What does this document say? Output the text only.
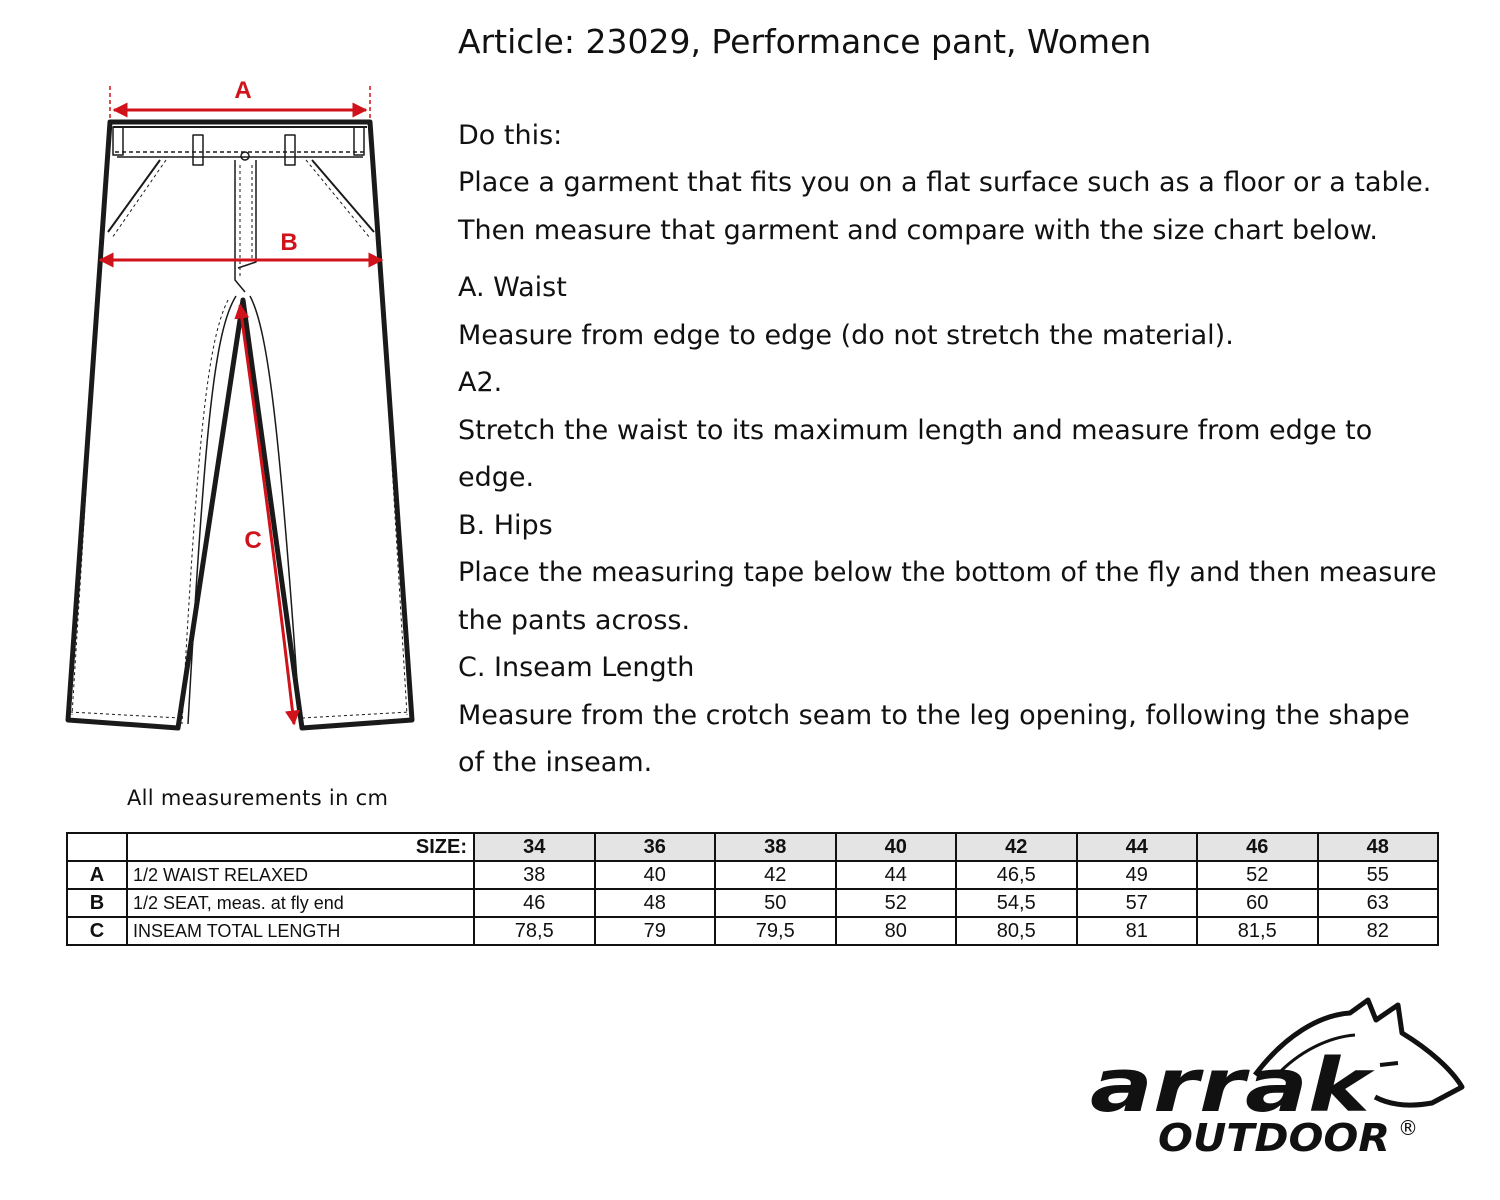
A
B
C
All measurements in cm
Article: 23029, Performance pant, Women

Do this:

Place a garment that fits you on a flat surface such as a floor or a table.

Then measure that garment and compare with the size chart below.

A. Waist

Measure from edge to edge (do not stretch the material).

A2.

Stretch the waist to its maximum length and measure from edge to

edge.

B. Hips

Place the measuring tape below the bottom of the fly and then measure

the pants across.

C. Inseam Length

Measure from the crotch seam to the leg opening, following the shape

of the inseam.

	SIZE:	34	36	38	40	42	44	46	48
A	1/2 WAIST RELAXED	38	40	42	44	46,5	49	52	55
B	1/2 SEAT, meas. at fly end	46	48	50	52	54,5	57	60	63
C	INSEAM TOTAL LENGTH	78,5	79	79,5	80	80,5	81	81,5	82
arrak
OUTDOOR ®
